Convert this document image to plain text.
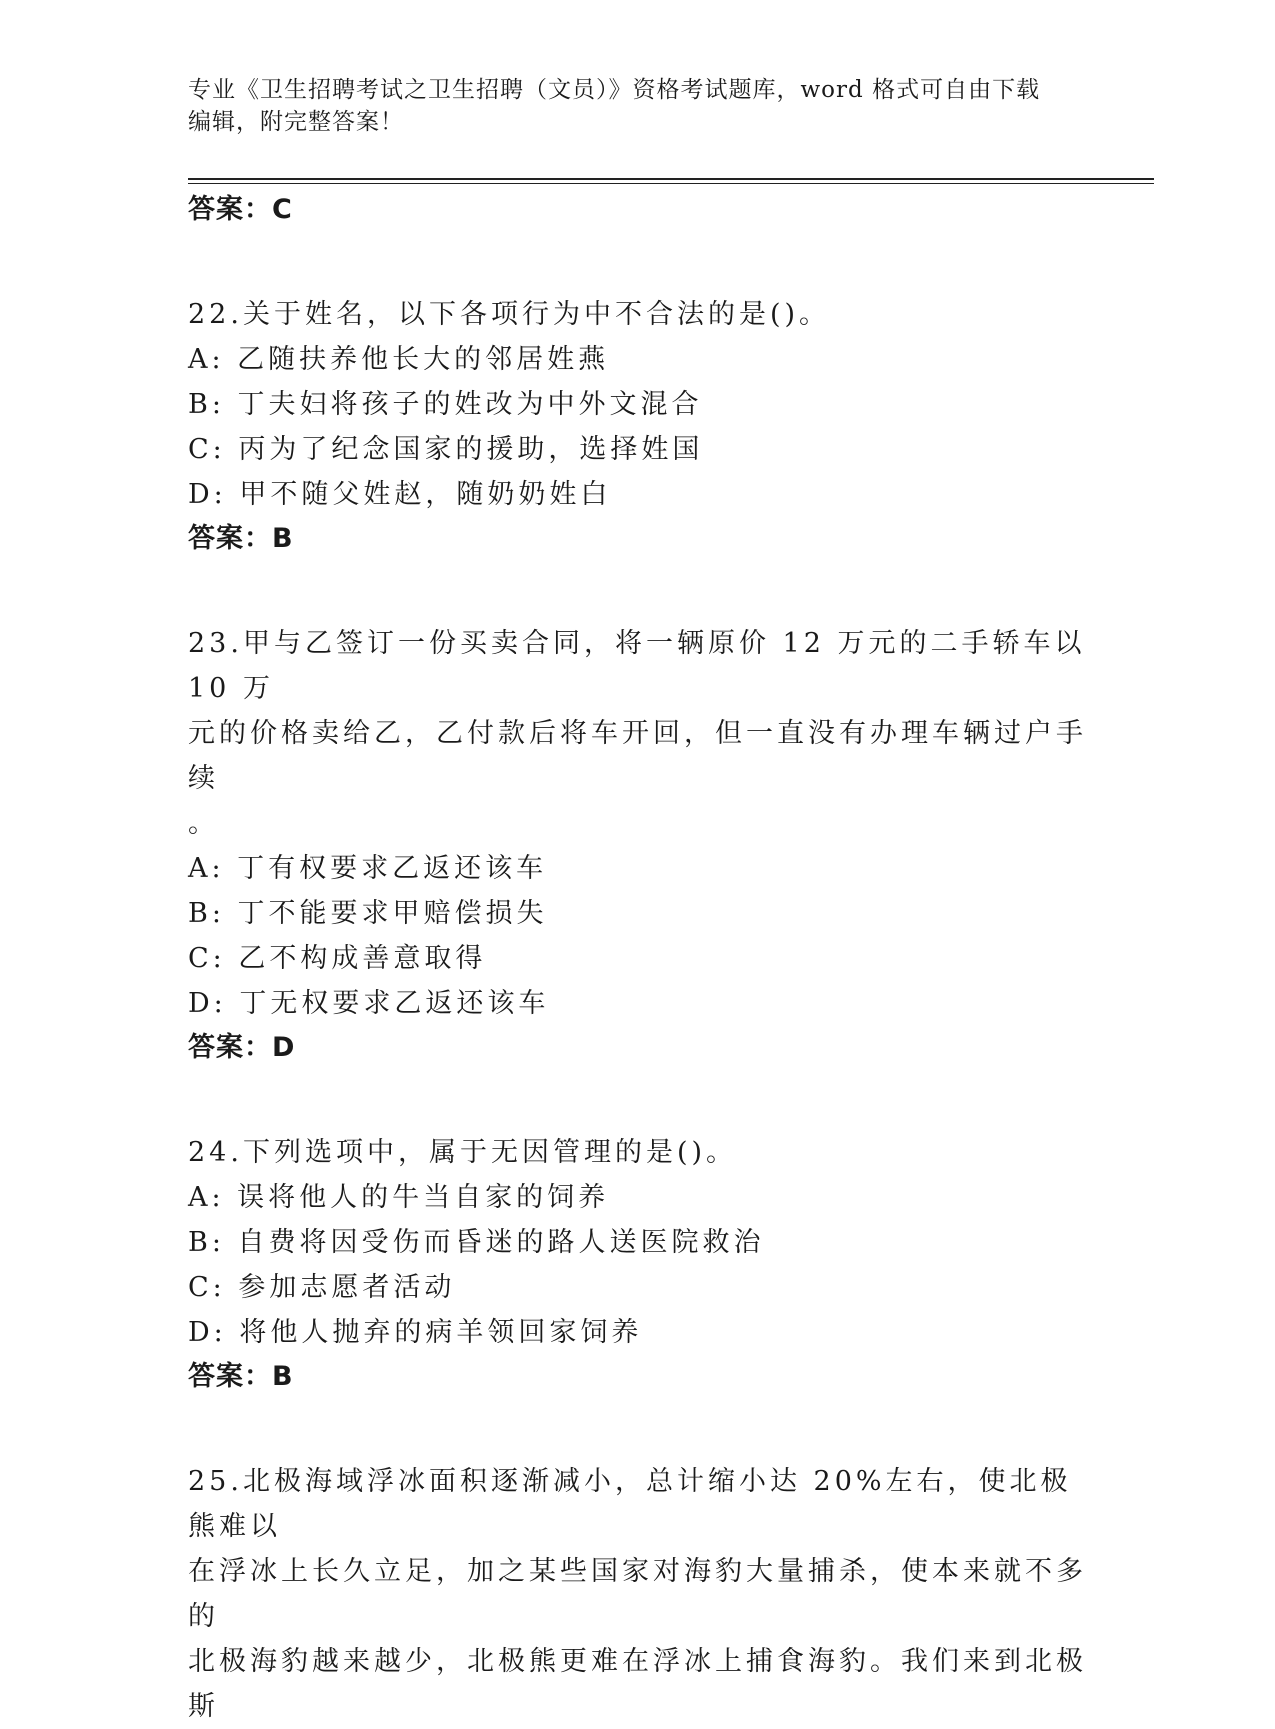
专业《卫生招聘考试之卫生招聘（文员）》资格考试题库，word 格式可自由下载
编辑，附完整答案！
答案：C
22.关于姓名，以下各项行为中不合法的是()。
A: 乙随扶养他长大的邻居姓燕
B: 丁夫妇将孩子的姓改为中外文混合
C: 丙为了纪念国家的援助，选择姓国
D: 甲不随父姓赵，随奶奶姓白
答案：B
23.甲与乙签订一份买卖合同，将一辆原价 12 万元的二手轿车以 10 万
元的价格卖给乙，乙付款后将车开回，但一直没有办理车辆过户手续
。
A: 丁有权要求乙返还该车
B: 丁不能要求甲赔偿损失
C: 乙不构成善意取得
D: 丁无权要求乙返还该车
答案：D
24.下列选项中，属于无因管理的是()。
A: 误将他人的牛当自家的饲养
B: 自费将因受伤而昏迷的路人送医院救治
C: 参加志愿者活动
D: 将他人抛弃的病羊领回家饲养
答案：B
25.北极海域浮冰面积逐渐减小，总计缩小达 20%左右，使北极熊难以
在浮冰上长久立足，加之某些国家对海豹大量捕杀，使本来就不多的
北极海豹越来越少，北极熊更难在浮冰上捕食海豹。我们来到北极斯
